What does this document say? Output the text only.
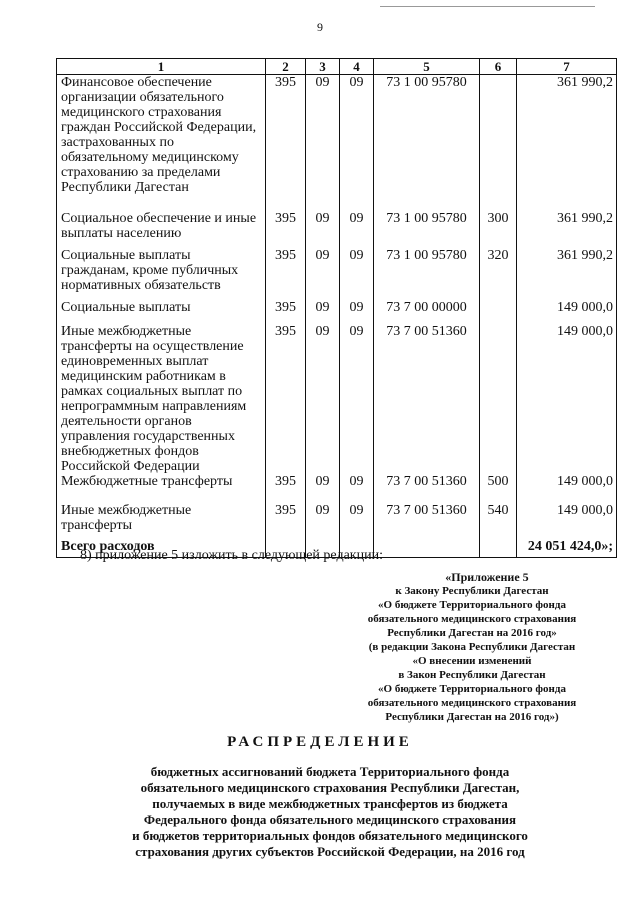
9
1	2	3	4	5	6	7
Финансовое обеспечение организации обязательного медицинского страхования граждан Российской Федерации, застрахованных по обязательному медицинскому страхованию за пределами Республики Дагестан	395	09	09	73 1 00 95780		361 990,2
Социальное обеспечение и иные выплаты населению	395	09	09	73 1 00 95780	300	361 990,2
Социальные выплаты гражданам, кроме публичных нормативных обязательств	395	09	09	73 1 00 95780	320	361 990,2
Социальные выплаты	395	09	09	73 7 00 00000		149 000,0
Иные межбюджетные трансферты на осуществление единовременных выплат медицинским работникам в рамках социальных выплат по непрограммным направлениям деятельности органов управления государственных внебюджетных фондов Российской Федерации	395	09	09	73 7 00 51360		149 000,0
Межбюджетные трансферты	395	09	09	73 7 00 51360	500	149 000,0
Иные межбюджетные трансферты	395	09	09	73 7 00 51360	540	149 000,0
Всего расходов						24 051 424,0»;
8) приложение 5 изложить в следующей редакции:
«Приложение 5
к Закону Республики Дагестан
«О бюджете Территориального фонда
обязательного медицинского страхования
Республики Дагестан на 2016 год»
(в редакции Закона Республики Дагестан
«О внесении изменений
в Закон Республики Дагестан
«О бюджете Территориального фонда
обязательного медицинского страхования
Республики Дагестан на 2016 год»)
РАСПРЕДЕЛЕНИЕ
бюджетных ассигнований бюджета Территориального фонда
обязательного медицинского страхования Республики Дагестан,
получаемых в виде межбюджетных трансфертов из бюджета
Федерального фонда обязательного медицинского страхования
и бюджетов территориальных фондов обязательного медицинского
страхования других субъектов Российской Федерации, на 2016 год
